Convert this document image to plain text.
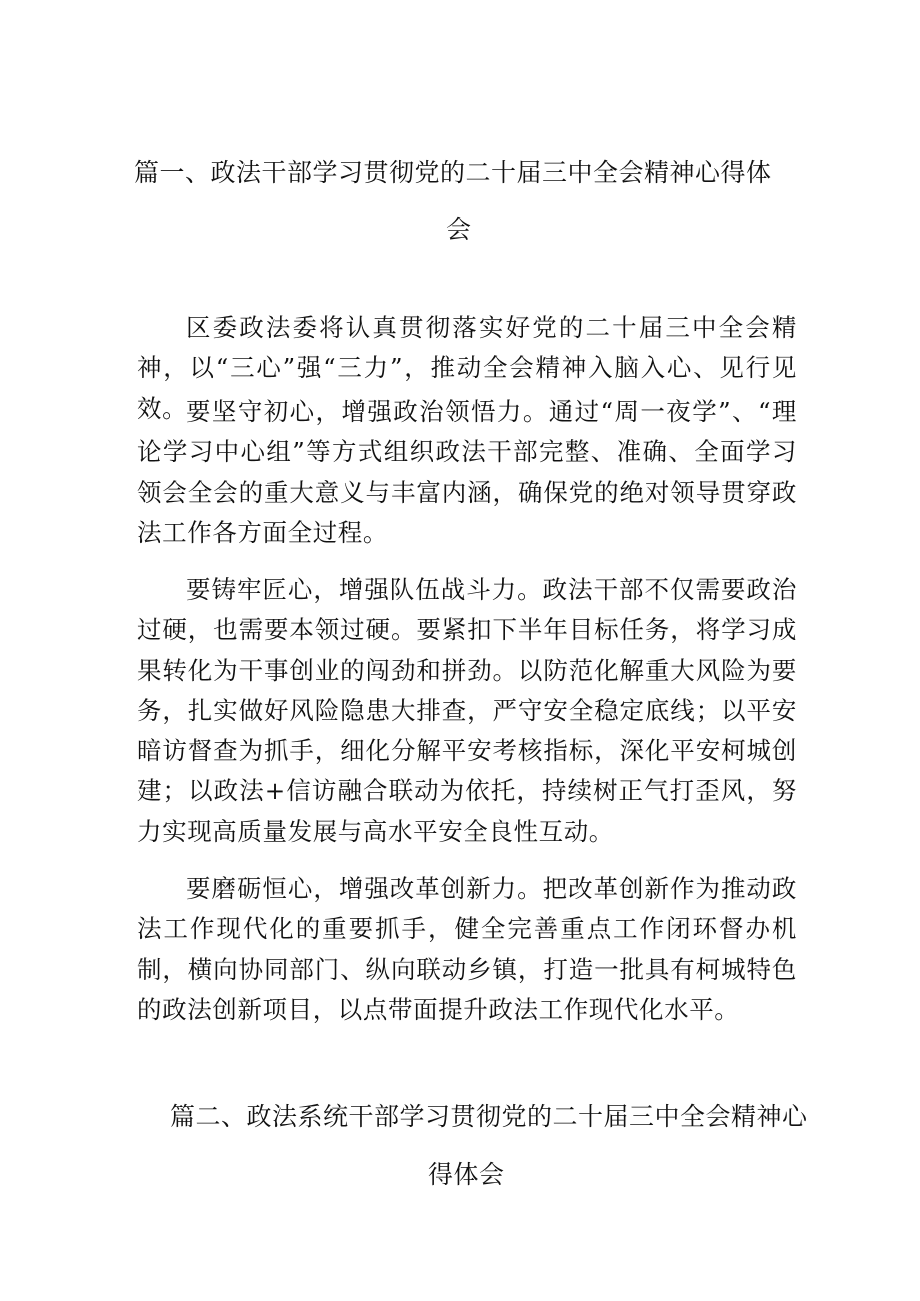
篇一、政法干部学习贯彻党的二十届三中全会精神心得体
会

区委政法委将认真贯彻落实好党的二十届三中全会精神，以“三心”强“三力”，推动全会精神入脑入心、见行见效。

要坚守初心，增强政治领悟力。通过“周一夜学”、“理论学习中心组”等方式组织政法干部完整、准确、全面学习领会全会的重大意义与丰富内涵，确保党的绝对领导贯穿政法工作各方面全过程。

要铸牢匠心，增强队伍战斗力。政法干部不仅需要政治过硬，也需要本领过硬。要紧扣下半年目标任务，将学习成果转化为干事创业的闯劲和拼劲。以防范化解重大风险为要务，扎实做好风险隐患大排查，严守安全稳定底线；以平安暗访督查为抓手，细化分解平安考核指标，深化平安柯城创建；以政法+信访融合联动为依托，持续树正气打歪风，努力实现高质量发展与高水平安全良性互动。

要磨砺恒心，增强改革创新力。把改革创新作为推动政法工作现代化的重要抓手，健全完善重点工作闭环督办机制，横向协同部门、纵向联动乡镇，打造一批具有柯城特色的政法创新项目，以点带面提升政法工作现代化水平。

篇二、政法系统干部学习贯彻党的二十届三中全会精神心
得体会
